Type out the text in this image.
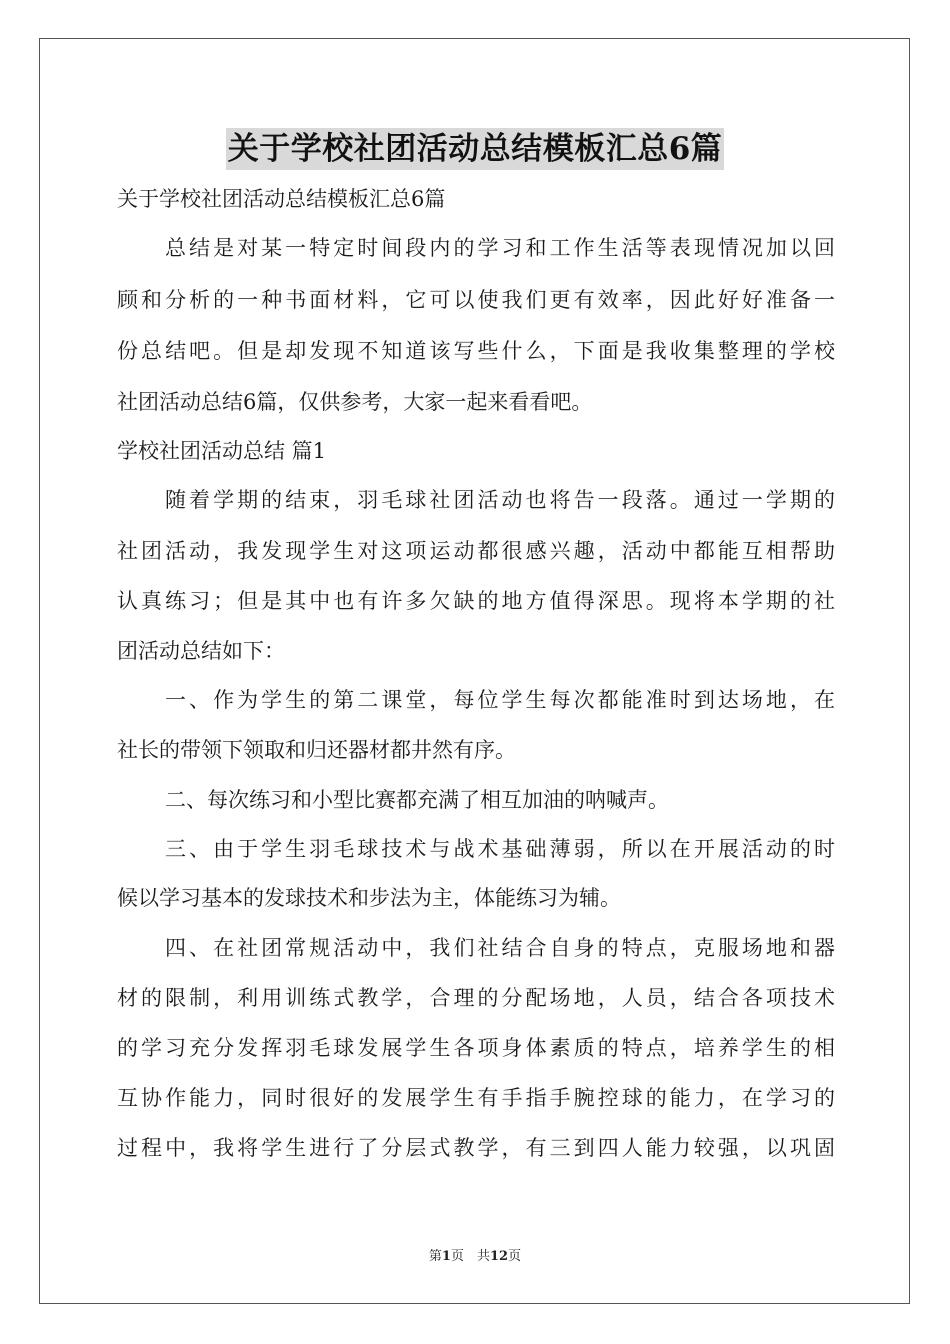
关于学校社团活动总结模板汇总6篇
关于学校社团活动总结模板汇总6篇
总结是对某一特定时间段内的学习和工作生活等表现情况加以回
顾和分析的一种书面材料，它可以使我们更有效率，因此好好准备一
份总结吧。但是却发现不知道该写些什么，下面是我收集整理的学校
社团活动总结6篇，仅供参考，大家一起来看看吧。
学校社团活动总结 篇1
随着学期的结束，羽毛球社团活动也将告一段落。通过一学期的
社团活动，我发现学生对这项运动都很感兴趣，活动中都能互相帮助
认真练习；但是其中也有许多欠缺的地方值得深思。现将本学期的社
团活动总结如下：
一、作为学生的第二课堂，每位学生每次都能准时到达场地，在
社长的带领下领取和归还器材都井然有序。
二、每次练习和小型比赛都充满了相互加油的呐喊声。
三、由于学生羽毛球技术与战术基础薄弱，所以在开展活动的时
候以学习基本的发球技术和步法为主，体能练习为辅。
四、在社团常规活动中，我们社结合自身的特点，克服场地和器
材的限制，利用训练式教学，合理的分配场地，人员，结合各项技术
的学习充分发挥羽毛球发展学生各项身体素质的特点，培养学生的相
互协作能力，同时很好的发展学生有手指手腕控球的能力，在学习的
过程中，我将学生进行了分层式教学，有三到四人能力较强，以巩固
第1页　共12页
